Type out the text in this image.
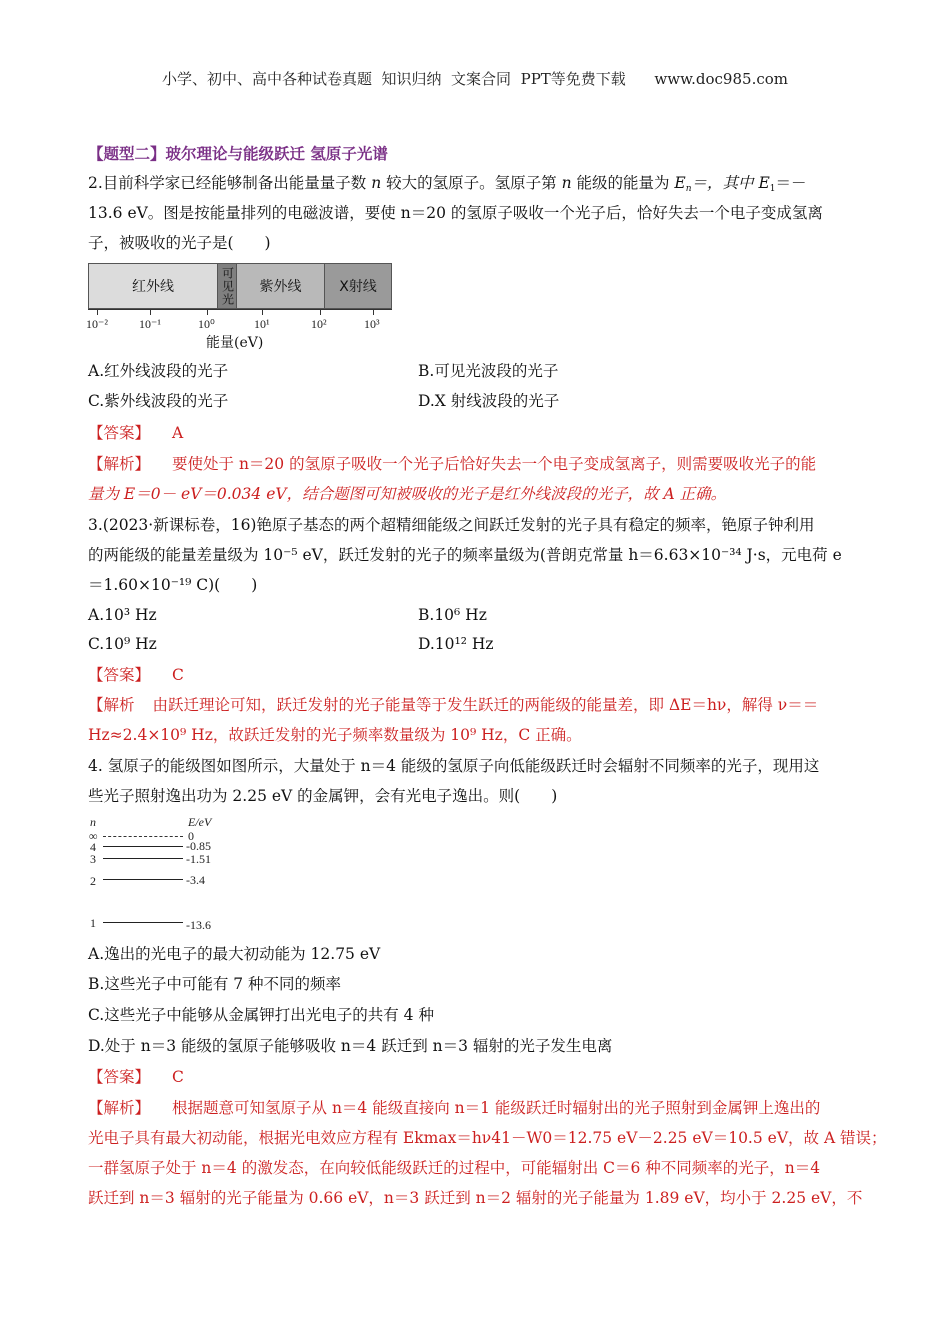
小学、初中、高中各种试卷真题  知识归纳  文案合同  PPT等免费下载      www.doc985.com
【题型二】玻尔理论与能级跃迁 氢原子光谱
2.目前科学家已经能够制备出能量量子数 n 较大的氢原子。氢原子第 n 能级的能量为 $E_n=$，其中 $E_1=-$
13.6 eV。图是按能量排列的电磁波谱，要使 n＝20 的氢原子吸收一个光子后，恰好失去一个电子变成氢离
子，被吸收的光子是(　　)
红外线	可见光 紫外线	X射线
10⁻²	10⁻¹	10⁰	10¹	10²	10³
能量(eV)
A.红外线波段的光子	B.可见光波段的光子
C.紫外线波段的光子	D.X 射线波段的光子
【答案】 A
【解析】 要使处于 n＝20 的氢原子吸收一个光子后恰好失去一个电子变成氢离子，则需要吸收光子的能
量为 E＝0－ eV＝0.034 eV，结合题图可知被吸收的光子是红外线波段的光子，故 A 正确。
3.(2023·新课标卷，16)铯原子基态的两个超精细能级之间跃迁发射的光子具有稳定的频率，铯原子钟利用
的两能级的能量差量级为 10⁻⁵ eV，跃迁发射的光子的频率量级为(普朗克常量 h＝6.63×10⁻³⁴ J·s，元电荷 e
＝1.60×10⁻¹⁹ C)(　　)
A.10³ Hz	B.10⁶ Hz
C.10⁹ Hz	D.10¹² Hz
【答案】 C
【解析 由跃迁理论可知，跃迁发射的光子能量等于发生跃迁的两能级的能量差，即 ΔE＝hν，解得 ν＝＝
Hz≈2.4×10⁹ Hz，故跃迁发射的光子频率数量级为 10⁹ Hz，C 正确。
4. 氢原子的能级图如图所示，大量处于 n＝4 能级的氢原子向低能级跃迁时会辐射不同频率的光子，现用这
些光子照射逸出功为 2.25 eV 的金属钾，会有光电子逸出。则(　　)
n	E/eV
∞	0
4	-0.85
3	-1.51
2	-3.4
1	-13.6
A.逸出的光电子的最大初动能为 12.75 eV
B.这些光子中可能有 7 种不同的频率
C.这些光子中能够从金属钾打出光电子的共有 4 种
D.处于 n＝3 能级的氢原子能够吸收 n＝4 跃迁到 n＝3 辐射的光子发生电离
【答案】 C
【解析】 根据题意可知氢原子从 n＝4 能级直接向 n＝1 能级跃迁时辐射出的光子照射到金属钾上逸出的
光电子具有最大初动能，根据光电效应方程有 Ekmax＝hν41－W0＝12.75 eV－2.25 eV＝10.5 eV，故 A 错误；
一群氢原子处于 n＝4 的激发态，在向较低能级跃迁的过程中，可能辐射出 C＝6 种不同频率的光子，n＝4
跃迁到 n＝3 辐射的光子能量为 0.66 eV，n＝3 跃迁到 n＝2 辐射的光子能量为 1.89 eV，均小于 2.25 eV，不
